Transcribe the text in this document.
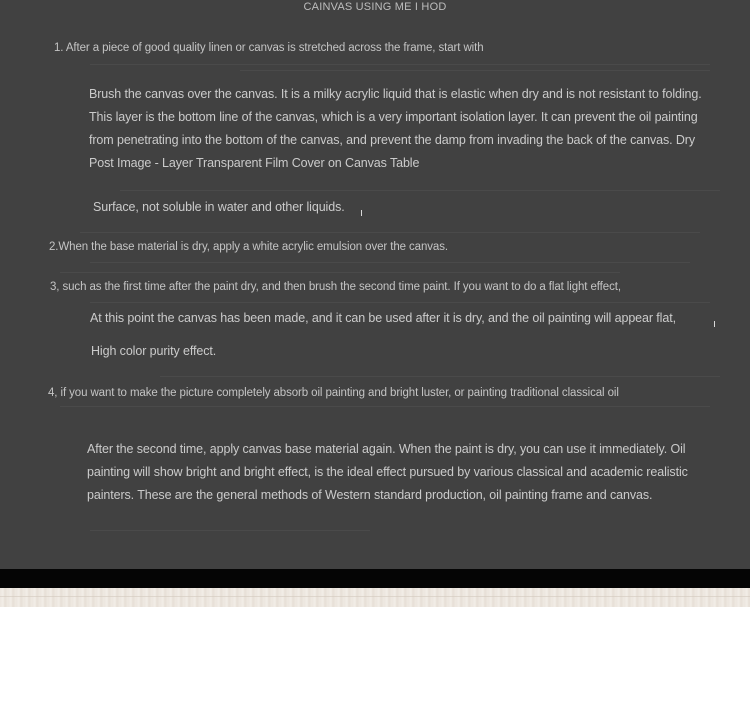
CAINVAS USING ME I HOD

1. After a piece of good quality linen or canvas is stretched across the frame, start with

Brush the canvas over the canvas. It is a milky acrylic liquid that is elastic when dry and is not resistant to folding. This layer is the bottom line of the canvas, which is a very important isolation layer. It can prevent the oil painting from penetrating into the bottom of the canvas, and prevent the damp from invading the back of the canvas. Dry Post Image - Layer Transparent Film Cover on Canvas Table

Surface, not soluble in water and other liquids.

2.When the base material is dry, apply a white acrylic emulsion over the canvas.

3, such as the first time after the paint dry, and then brush the second time paint. If you want to do a flat light effect,

At this point the canvas has been made, and it can be used after it is dry, and the oil painting will appear flat,

High color purity effect.

4, if you want to make the picture completely absorb oil painting and bright luster, or painting traditional classical oil

After the second time, apply canvas base material again. When the paint is dry, you can use it immediately. Oil painting will show bright and bright effect, is the ideal effect pursued by various classical and academic realistic painters. These are the general methods of Western standard production, oil painting frame and canvas.
